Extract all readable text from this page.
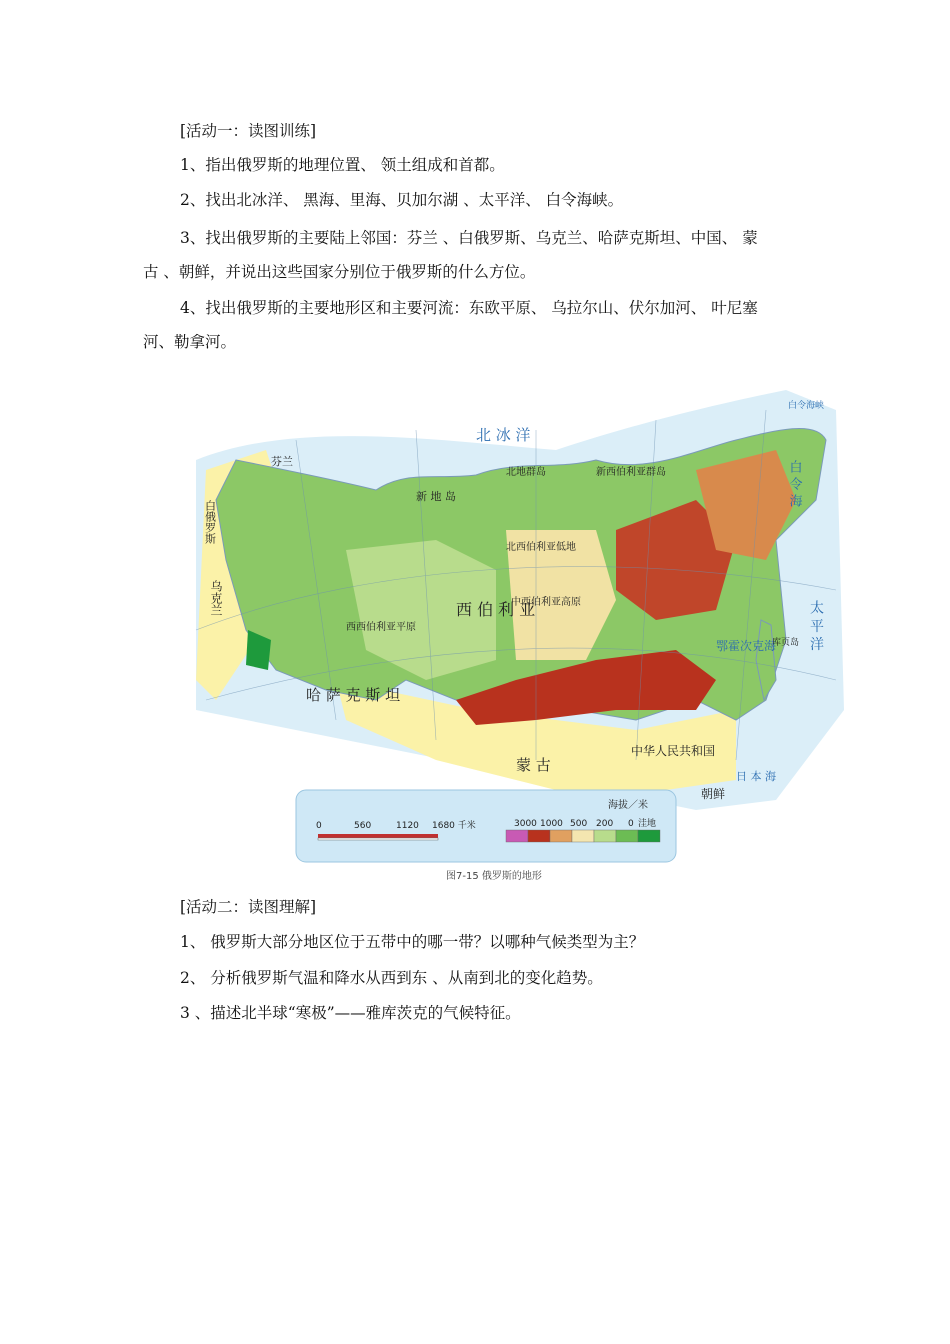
[活动一：读图训练]
1、指出俄罗斯的地理位置、 领土组成和首都。
2、找出北冰洋、 黑海、里海、贝加尔湖 、太平洋、 白令海峡。
3、找出俄罗斯的主要陆上邻国：芬兰 、白俄罗斯、乌克兰、哈萨克斯坦、中国、 蒙
古 、朝鲜，并说出这些国家分别位于俄罗斯的什么方位。
4、找出俄罗斯的主要地形区和主要河流：东欧平原、 乌拉尔山、伏尔加河、 叶尼塞
河、勒拿河。
北 冰 洋
太 平 洋
白 令 海
鄂霍次克海
日 本 海
白令海峡
新 地 岛
北地群岛	新西伯利亚群岛
库页岛
西西伯利亚平原
中西伯利亚高原
北西伯利亚低地
西 伯 利 亚
哈 萨 克 斯 坦
蒙 古
中华人民共和国
朝鲜
乌克兰
白俄罗斯
芬兰
海拔／米
0	560	1120 1680 千米	3000 1000 500 200 0 洼地
图7-15 俄罗斯的地形
[活动二：读图理解]
1、 俄罗斯大部分地区位于五带中的哪一带？以哪种气候类型为主？
2、 分析俄罗斯气温和降水从西到东 、从南到北的变化趋势。
3 、描述北半球“寒极”——雅库茨克的气候特征。
